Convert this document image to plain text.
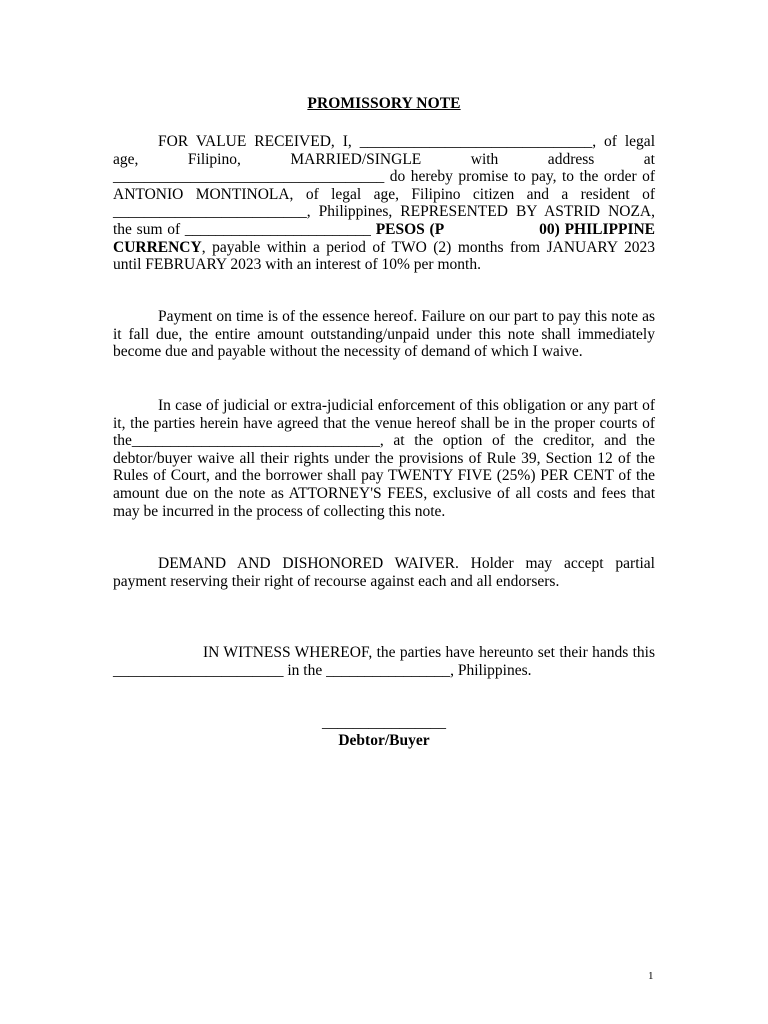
PROMISSORY NOTE

FOR VALUE RECEIVED, I, ______________________________, of legal age, Filipino, MARRIED/SINGLE with address at ___________________________________ do hereby promise to pay, to the order of ANTONIO MONTINOLA, of legal age, Filipino citizen and a resident of _________________________, Philippines, REPRESENTED BY ASTRID NOZA, the sum of ________________________ PESOS (P	00) PHILIPPINE CURRENCY, payable within a period of TWO (2) months from JANUARY 2023 until FEBRUARY 2023 with an interest of 10% per month.

Payment on time is of the essence hereof. Failure on our part to pay this note as it fall due, the entire amount outstanding/unpaid under this note shall immediately become due and payable without the necessity of demand of which I waive.

In case of judicial or extra-judicial enforcement of this obligation or any part of it, the parties herein have agreed that the venue hereof shall be in the proper courts of the________________________________, at the option of the creditor, and the debtor/buyer waive all their rights under the provisions of Rule 39, Section 12 of the Rules of Court, and the borrower shall pay TWENTY FIVE (25%) PER CENT of the amount due on the note as ATTORNEY'S FEES, exclusive of all costs and fees that may be incurred in the process of collecting this note.

DEMAND AND DISHONORED WAIVER. Holder may accept partial payment reserving their right of recourse against each and all endorsers.

IN WITNESS WHEREOF, the parties have hereunto set their hands this ______________________ in the ________________, Philippines.

________________
Debtor/Buyer
1
